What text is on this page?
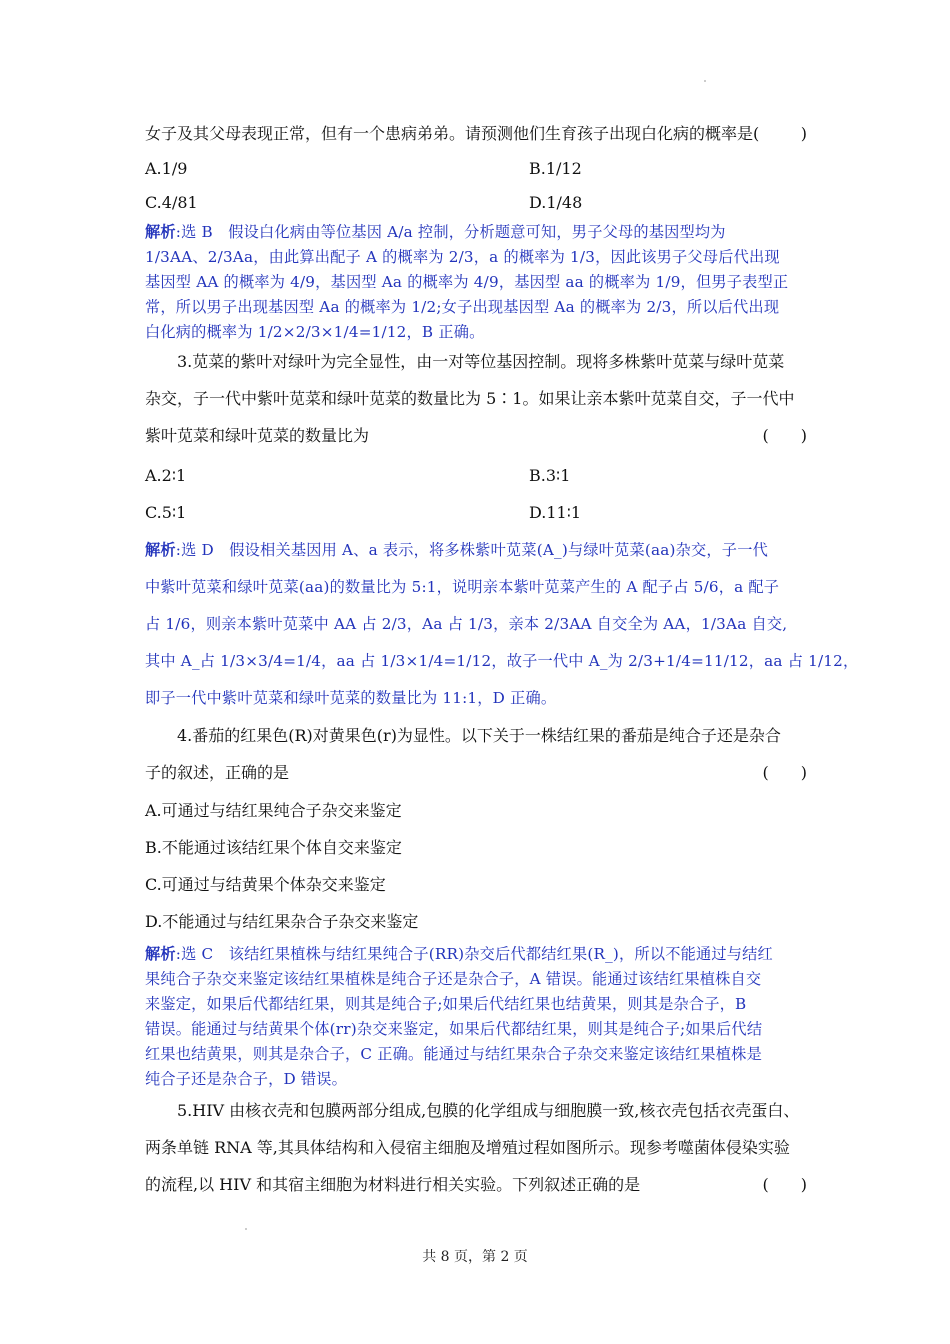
女子及其父母表现正常，但有一个患病弟弟。请预测他们生育孩子出现白化病的概率是(	)
A.1/9	B.1/12
C.4/81	D.1/48
解析:选 B　假设白化病由等位基因 A/a 控制，分析题意可知，男子父母的基因型均为
1/3AA、2/3Aa，由此算出配子 A 的概率为 2/3，a 的概率为 1/3，因此该男子父母后代出现
基因型 AA 的概率为 4/9，基因型 Aa 的概率为 4/9，基因型 aa 的概率为 1/9，但男子表型正
常，所以男子出现基因型 Aa 的概率为 1/2;女子出现基因型 Aa 的概率为 2/3，所以后代出现
白化病的概率为 1/2×2/3×1/4=1/12，B 正确。
3.苋菜的紫叶对绿叶为完全显性，由一对等位基因控制。现将多株紫叶苋菜与绿叶苋菜
杂交，子一代中紫叶苋菜和绿叶苋菜的数量比为 5∶1。如果让亲本紫叶苋菜自交，子一代中
紫叶苋菜和绿叶苋菜的数量比为	(　　)
A.2∶1	B.3∶1
C.5∶1	D.11∶1
解析:选 D　假设相关基因用 A、a 表示，将多株紫叶苋菜(A_)与绿叶苋菜(aa)杂交，子一代
中紫叶苋菜和绿叶苋菜(aa)的数量比为 5:1，说明亲本紫叶苋菜产生的 A 配子占 5/6，a 配子
占 1/6，则亲本紫叶苋菜中 AA 占 2/3，Aa 占 1/3，亲本 2/3AA 自交全为 AA，1/3Aa 自交,
其中 A_占 1/3×3/4=1/4，aa 占 1/3×1/4=1/12，故子一代中 A_为 2/3+1/4=11/12，aa 占 1/12，
即子一代中紫叶苋菜和绿叶苋菜的数量比为 11:1，D 正确。
4.番茄的红果色(R)对黄果色(r)为显性。以下关于一株结红果的番茄是纯合子还是杂合
子的叙述，正确的是	(　　)
A.可通过与结红果纯合子杂交来鉴定
B.不能通过该结红果个体自交来鉴定
C.可通过与结黄果个体杂交来鉴定
D.不能通过与结红果杂合子杂交来鉴定
解析:选 C　该结红果植株与结红果纯合子(RR)杂交后代都结红果(R_)，所以不能通过与结红
果纯合子杂交来鉴定该结红果植株是纯合子还是杂合子，A 错误。能通过该结红果植株自交
来鉴定，如果后代都结红果，则其是纯合子;如果后代结红果也结黄果，则其是杂合子，B
错误。能通过与结黄果个体(rr)杂交来鉴定，如果后代都结红果，则其是纯合子;如果后代结
红果也结黄果，则其是杂合子，C 正确。能通过与结红果杂合子杂交来鉴定该结红果植株是
纯合子还是杂合子，D 错误。
5.HIV 由核衣壳和包膜两部分组成,包膜的化学组成与细胞膜一致,核衣壳包括衣壳蛋白、
两条单链 RNA 等,其具体结构和入侵宿主细胞及增殖过程如图所示。现参考噬菌体侵染实验
的流程,以 HIV 和其宿主细胞为材料进行相关实验。下列叙述正确的是	(　　)
共 8 页，第 2 页
